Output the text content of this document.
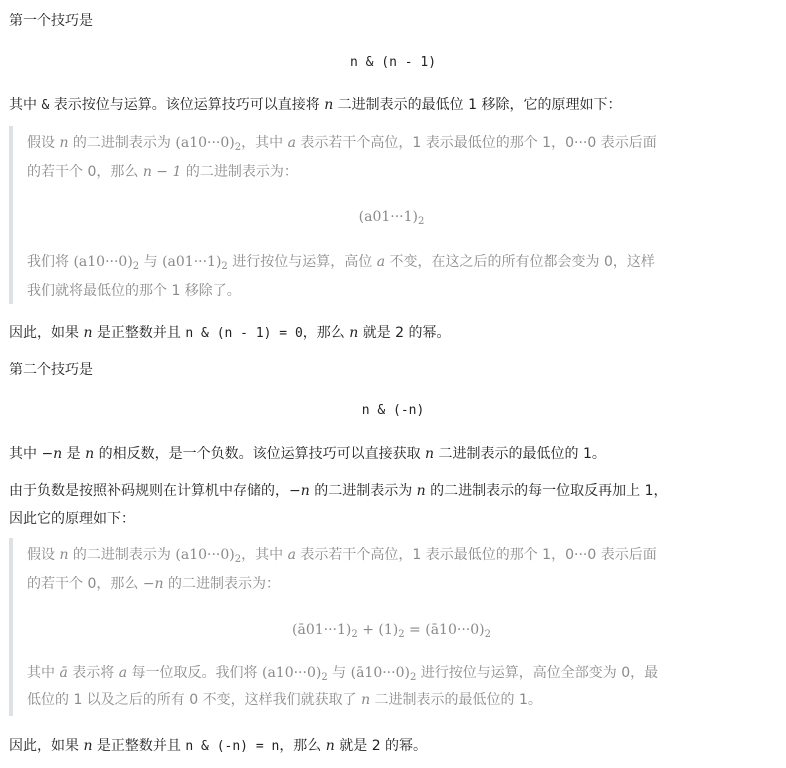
第一个技巧是
n & (n - 1)
其中 & 表示按位与运算。该位运算技巧可以直接将 n 二进制表示的最低位 1 移除，它的原理如下：
假设 n 的二进制表示为 $(a10\cdot\cdot\cdot 0)_2$，其中 a 表示若干个高位，1 表示最低位的那个 1，0···0 表示后面
的若干个 0，那么 n − 1 的二进制表示为：
$(a01\cdot\cdot\cdot 1)_2$
我们将 $(a10\cdot\cdot\cdot 0)_2$ 与 $(a01\cdot\cdot\cdot 1)_2$ 进行按位与运算，高位 a 不变，在这之后的所有位都会变为 0，这样
我们就将最低位的那个 1 移除了。
因此，如果 n 是正整数并且 n & (n - 1) = 0，那么 n 就是 2 的幂。
第二个技巧是
n & (-n)
其中 −n 是 n 的相反数，是一个负数。该位运算技巧可以直接获取 n 二进制表示的最低位的 1。
由于负数是按照补码规则在计算机中存储的，−n 的二进制表示为 n 的二进制表示的每一位取反再加上 1，
因此它的原理如下：
假设 n 的二进制表示为 $(a10\cdot\cdot\cdot 0)_2$，其中 a 表示若干个高位，1 表示最低位的那个 1，0···0 表示后面
的若干个 0，那么 −n 的二进制表示为：
$(ā01\cdot\cdot\cdot 1)_2 + (1)_2$ = $(ā10\cdot\cdot\cdot 0)_2$
其中 ā 表示将 a 每一位取反。我们将 $(a10\cdot\cdot\cdot 0)_2$ 与 $(ā10\cdot\cdot\cdot 0)_2$ 进行按位与运算，高位全部变为 0，最
低位的 1 以及之后的所有 0 不变，这样我们就获取了 n 二进制表示的最低位的 1。
因此，如果 n 是正整数并且 n & (-n) = n，那么 n 就是 2 的幂。
